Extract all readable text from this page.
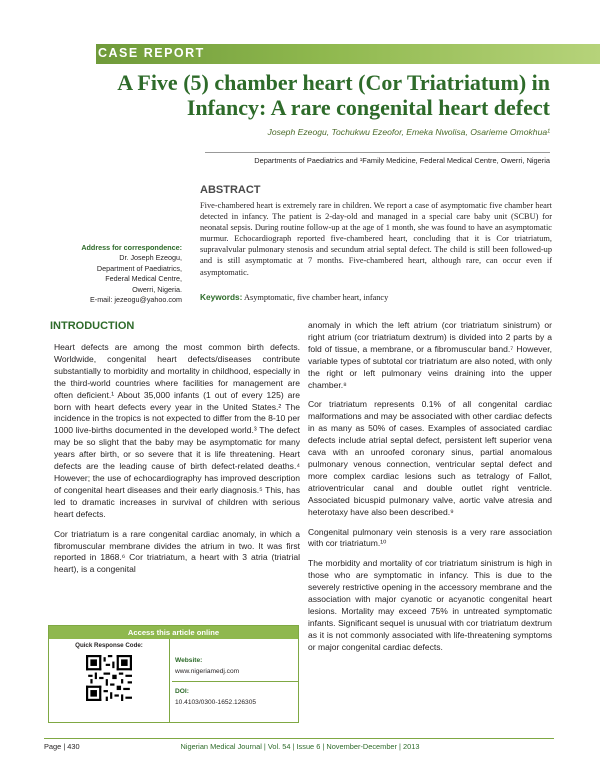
CASE REPORT
A Five (5) chamber heart (Cor Triatriatum) in
Infancy: A rare congenital heart defect
Joseph Ezeogu, Tochukwu Ezeofor, Emeka Nwolisa, Osarieme Omokhua¹
Departments of Paediatrics and ¹Family Medicine, Federal Medical Centre, Owerri, Nigeria
ABSTRACT
Five-chambered heart is extremely rare in children. We report a case of asymptomatic five chamber heart detected in infancy. The patient is 2-day-old and managed in a special care baby unit (SCBU) for neonatal sepsis. During routine follow-up at the age of 1 month, she was found to have an asymptomatic murmur. Echocardiograph reported five-chambered heart, concluding that it is Cor triatriatum, supravalvular pulmonary stenosis and secundum atrial septal defect. The child is still been followed-up and is still asymptomatic at 7 months. Five-chambered heart, although rare, can occur even if asymptomatic.
Keywords: Asymptomatic, five chamber heart, infancy
Address for correspondence:
Dr. Joseph Ezeogu,
Department of Paediatrics,
Federal Medical Centre,
Owerri, Nigeria.
E-mail: jezeogu@yahoo.com
INTRODUCTION

Heart defects are among the most common birth defects. Worldwide, congenital heart defects/diseases contribute substantially to morbidity and mortality in childhood, especially in the third-world countries where facilities for management are often deficient.¹ About 35,000 infants (1 out of every 125) are born with heart defects every year in the United States.² The incidence in the tropics is not expected to differ from the 8-10 per 1000 live-births documented in the developed world.³ The defect may be so slight that the baby may be asymptomatic for many years after birth, or so severe that it is life threatening. Heart defects are the leading cause of birth defect-related deaths.⁴ However; the use of echocardiography has improved description of congenital heart diseases and their early diagnosis.⁵ This, has led to dramatic increases in survival of children with serious heart defects.

Cor triatriatum is a rare congenital cardiac anomaly, in which a fibromuscular membrane divides the atrium in two. It was first reported in 1868.⁶ Cor triatriatum, a heart with 3 atria (triatrial heart), is a congenital

anomaly in which the left atrium (cor triatriatum sinistrum) or right atrium (cor triatriatum dextrum) is divided into 2 parts by a fold of tissue, a membrane, or a fibromuscular band.⁷ However, variable types of subtotal cor triatriatum are also noted, with only the right or left pulmonary veins draining into the upper chamber.⁸

Cor triatriatum represents 0.1% of all congenital cardiac malformations and may be associated with other cardiac defects in as many as 50% of cases. Examples of associated cardiac defects include atrial septal defect, persistent left superior vena cava with an unroofed coronary sinus, partial anomalous pulmonary venous connection, ventricular septal defect and more complex cardiac lesions such as tetralogy of Fallot, atrioventricular canal and double outlet right ventricle. Associated bicuspid pulmonary valve, aortic valve atresia and heterotaxy have also been described.⁹

Congenital pulmonary vein stenosis is a very rare association with cor triatriatum.¹⁰

The morbidity and mortality of cor triatriatum sinistrum is high in those who are symptomatic in infancy. This is due to the severely restrictive opening in the accessory membrane and the association with major cyanotic or acyanotic congenital heart lesions. Mortality may exceed 75% in untreated symptomatic infants. Significant sequel is unusual with cor triatriatum dextrum as it is not commonly associated with life-threatening symptoms or major congenital cardiac defects.

Access this article online
Quick Response Code:
Website:
www.nigeriamedj.com
DOI:
10.4103/0300-1652.126305
Page | 430	Nigerian Medical Journal | Vol. 54 | Issue 6 | November-December | 2013
